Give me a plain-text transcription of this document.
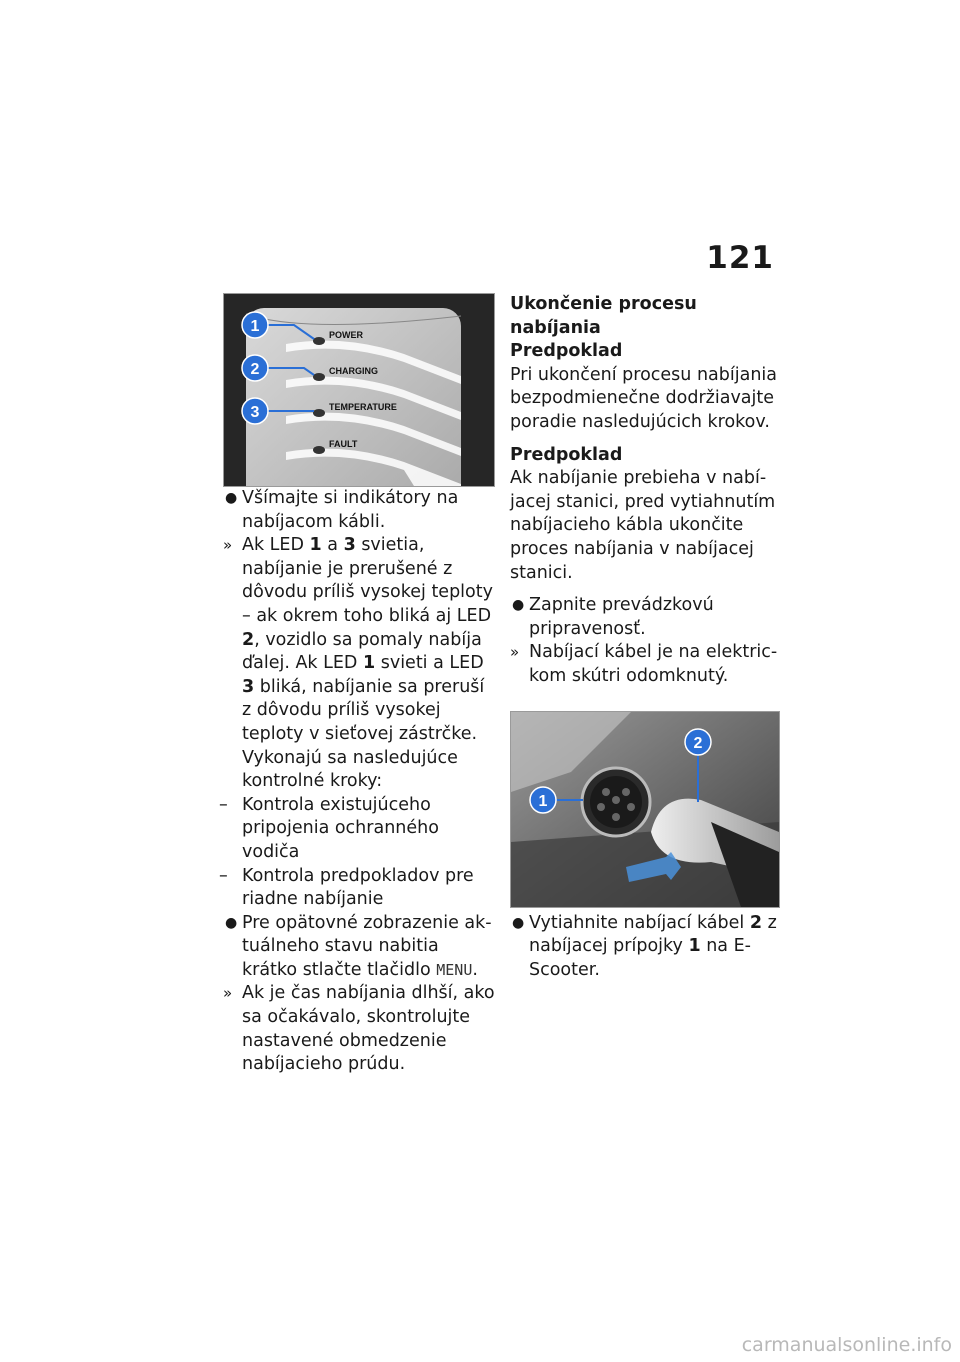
121
POWER
CHARGING
TEMPERATURE
FAULT
1
2
3
● Všímajte si indikátory na nabíjacom kábli.
» Ak LED 1 a 3 svietia, nabíjanie je prerušené z dôvodu príliš vysokej teploty – ak okrem toho bliká aj LED 2, vozidlo sa pomaly nabíja ďalej. Ak LED 1 svieti a LED 3 bliká, nabíjanie sa preruší z dôvodu príliš vysokej teploty v sieťovej zástrčke. Vykonajú sa nasledujúce kontrolné kroky:
– Kontrola existujúceho pripojenia ochranného vodiča
– Kontrola predpokladov pre riadne nabíjanie
● Pre opätovné zobrazenie aktuálneho stavu nabitia krátko stlačte tlačidlo MENU.
» Ak je čas nabíjania dlhší, ako sa očakávalo, skontrolujte nastavené obmedzenie nabíjacieho prúdu.
Ukončenie procesu nabíjania
Predpoklad
Pri ukončení procesu nabíjania bezpodmienečne dodržiavajte poradie nasledujúcich krokov.
Predpoklad
Ak nabíjanie prebieha v nabíjacej stanici, pred vytiahnutím nabíjacieho kábla ukončite proces nabíjania v nabíjacej stanici.
● Zapnite prevádzkovú pripravenosť.
» Nabíjací kábel je na elektrickom skútri odomknutý.
1
2
● Vytiahnite nabíjací kábel 2 z nabíjacej prípojky 1 na E-Scooter.
carmanualsonline.info
